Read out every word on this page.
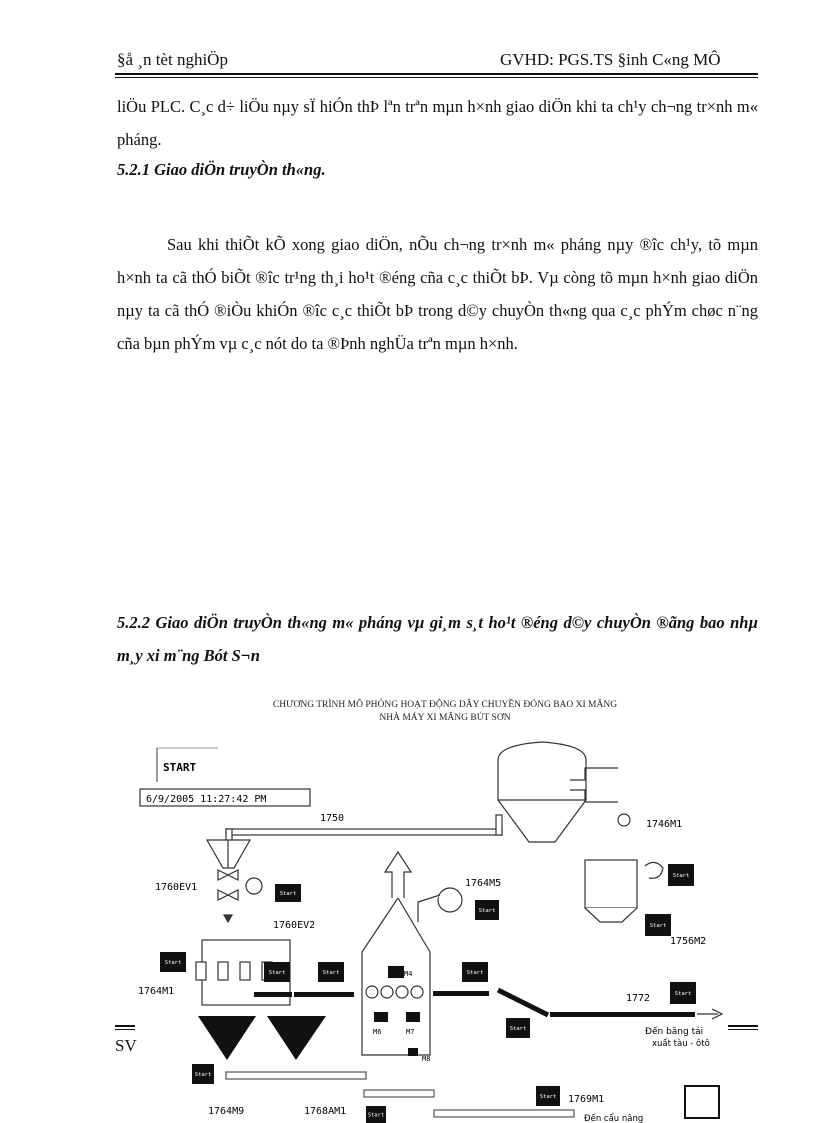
§å ¸n tèt nghiÖp	GVHD: PGS.TS §inh C«ng MÔ

liÖu PLC. C¸c d÷ liÖu nµy sÏ hiÓn thÞ lªn trªn mµn h×nh giao diÖn khi ta ch¹y ch¬ng tr×nh m« pháng.

5.2.1 Giao diÖn truyÒn th«ng.

Sau khi thiÕt kÕ xong giao diÖn, nÕu ch¬ng tr×nh m« pháng nµy ®îc ch¹y, tõ mµn h×nh ta cã thÓ biÕt ®îc tr¹ng th¸i ho¹t ®éng cña c¸c thiÕt bÞ. Vµ còng tõ mµn h×nh giao diÖn nµy ta cã thÓ ®iÒu khiÓn ®îc c¸c thiÕt bÞ trong d©y chuyÒn th«ng qua c¸c phÝm chøc n¨ng cña bµn phÝm vµ c¸c nót do ta ®Þnh nghÜa trªn mµn h×nh.

5.2.2 Giao diÖn truyÒn th«ng m« pháng vµ gi¸m s¸t ho¹t ®éng d©y chuyÒn ®ãng bao nhµ m¸y xi m¨ng Bót S¬n

CHƯƠNG TRÌNH MÔ PHỎNG HOẠT ĐỘNG DÂY CHUYỀN ĐÓNG BAO XI MĂNG
NHÀ MÁY XI MĂNG BÚT SƠN
START
6/9/2005 11:27:42 PM
1746M1
1750
1760EV1
Start
1760EV2
Start
1764M1
Start	Start	M4
M6	M7
M8
1764M5
Start
Start
Start
1756M2
Start
1772	Start
Start	Đến băng tải
xuất tàu - ôtô
Start
1764M9	1768AM1	Start
Start 1769M1
Đến cẩu nâng
SV
